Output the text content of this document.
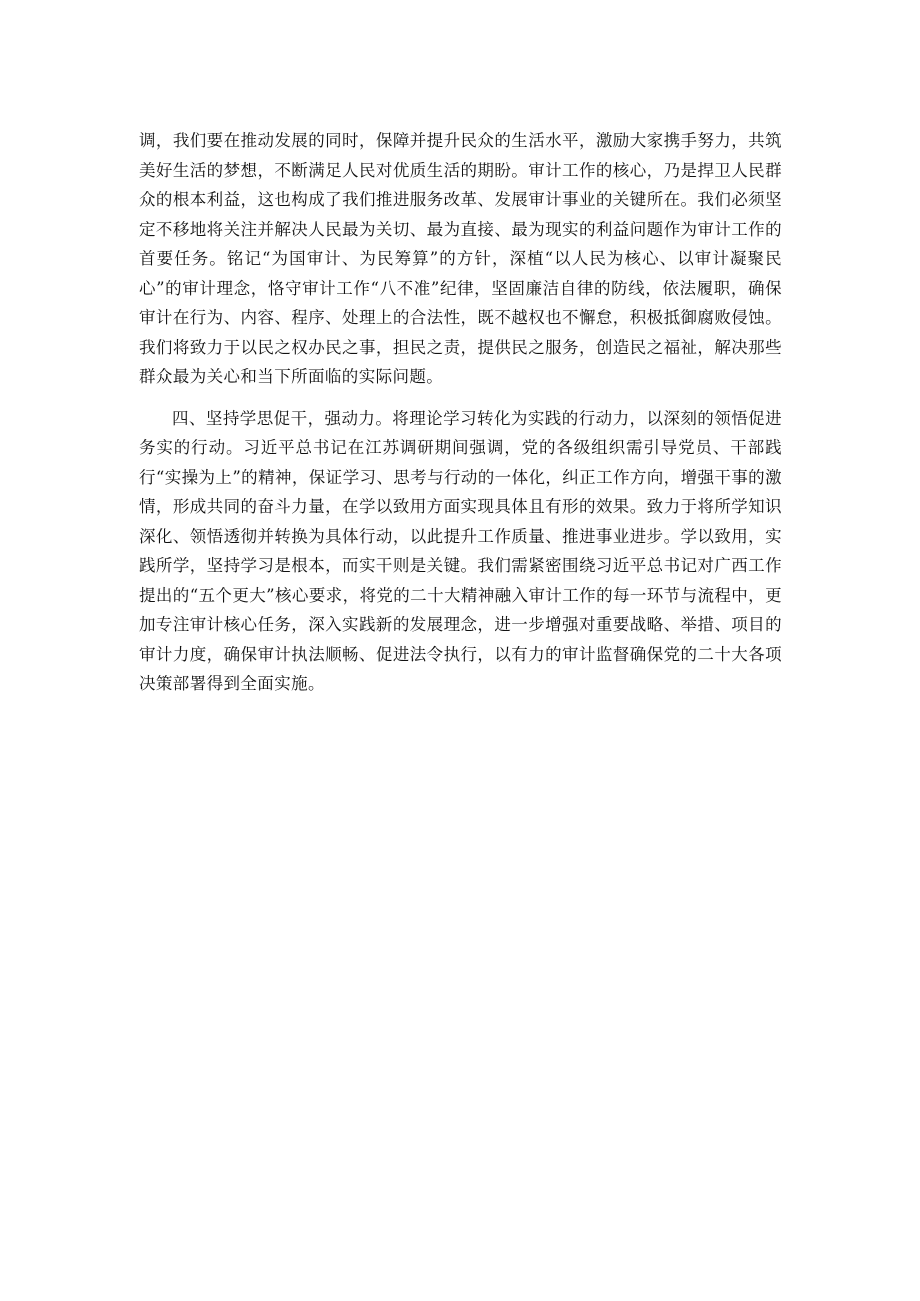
调，我们要在推动发展的同时，保障并提升民众的生活水平，激励大家携手努力，共筑美好生活的梦想，不断满足人民对优质生活的期盼。审计工作的核心，乃是捍卫人民群众的根本利益，这也构成了我们推进服务改革、发展审计事业的关键所在。我们必须坚定不移地将关注并解决人民最为关切、最为直接、最为现实的利益问题作为审计工作的首要任务。铭记“为国审计、为民筹算”的方针，深植“以人民为核心、以审计凝聚民心”的审计理念，恪守审计工作“八不准”纪律，坚固廉洁自律的防线，依法履职，确保审计在行为、内容、程序、处理上的合法性，既不越权也不懈怠，积极抵御腐败侵蚀。我们将致力于以民之权办民之事，担民之责，提供民之服务，创造民之福祉，解决那些群众最为关心和当下所面临的实际问题。

四、坚持学思促干，强动力。将理论学习转化为实践的行动力，以深刻的领悟促进务实的行动。习近平总书记在江苏调研期间强调，党的各级组织需引导党员、干部践行“实操为上”的精神，保证学习、思考与行动的一体化，纠正工作方向，增强干事的激情，形成共同的奋斗力量，在学以致用方面实现具体且有形的效果。致力于将所学知识深化、领悟透彻并转换为具体行动，以此提升工作质量、推进事业进步。学以致用，实践所学，坚持学习是根本，而实干则是关键。我们需紧密围绕习近平总书记对广西工作提出的“五个更大”核心要求，将党的二十大精神融入审计工作的每一环节与流程中，更加专注审计核心任务，深入实践新的发展理念，进一步增强对重要战略、举措、项目的审计力度，确保审计执法顺畅、促进法令执行，以有力的审计监督确保党的二十大各项决策部署得到全面实施。
